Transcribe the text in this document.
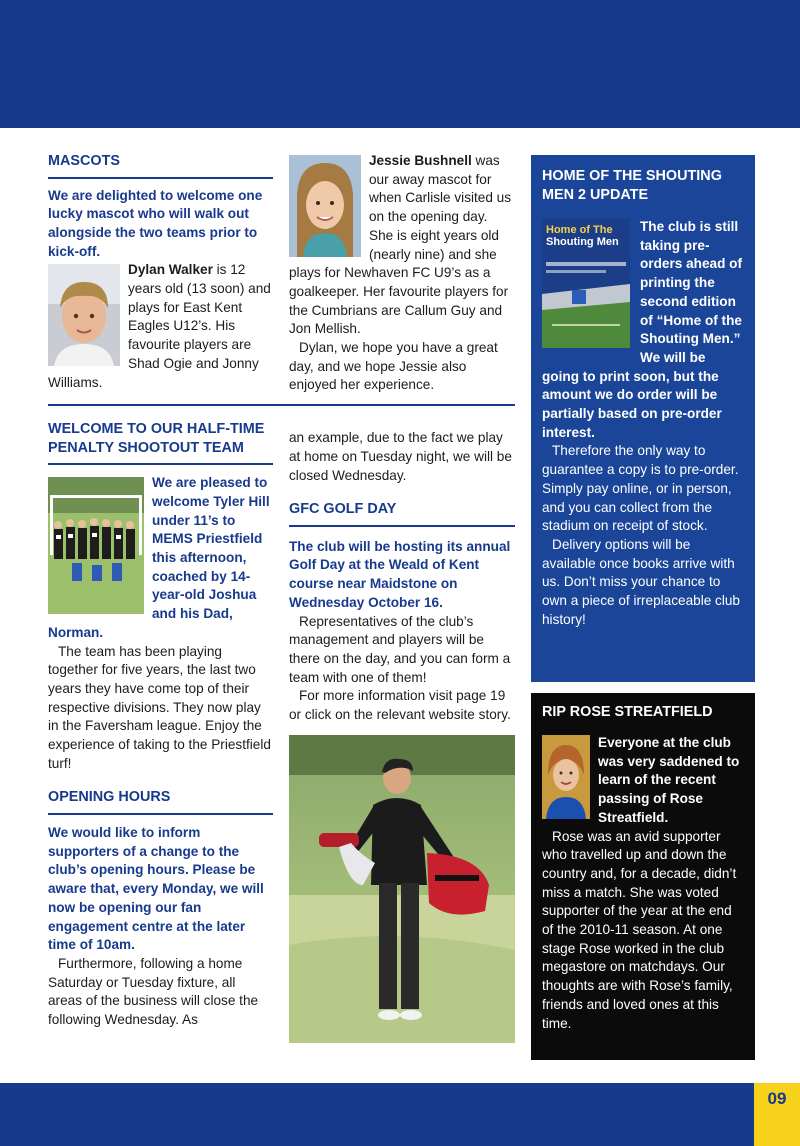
MASCOTS

We are delighted to welcome one lucky mascot who will walk out alongside the two teams prior to kick-off.

Dylan Walker is 12 years old (13 soon) and plays for East Kent Eagles U12’s. His favourite players are Shad Ogie and Jonny Williams.

WELCOME TO OUR HALF-TIME PENALTY SHOOTOUT TEAM

We are pleased to welcome Tyler Hill under 11’s to MEMS Priestfield this afternoon, coached by 14-year-old Joshua and his Dad, Norman.

The team has been playing together for five years, the last two years they have come top of their respective divisions. They now play in the Faversham league. Enjoy the experience of taking to the Priestfield turf!

OPENING HOURS

We would like to inform supporters of a change to the club’s opening hours. Please be aware that, every Monday, we will now be opening our fan engagement centre at the later time of 10am.

Furthermore, following a home Saturday or Tuesday fixture, all areas of the business will close the following Wednesday. As

Jessie Bushnell was our away mascot for when Carlisle visited us on the opening day. She is eight years old (nearly nine) and she plays for Newhaven FC U9’s as a goalkeeper. Her favourite players for the Cumbrians are Callum Guy and Jon Mellish.

Dylan, we hope you have a great day, and we hope Jessie also enjoyed her experience.

an example, due to the fact we play at home on Tuesday night, we will be closed Wednesday.

GFC GOLF DAY

The club will be hosting its annual Golf Day at the Weald of Kent course near Maidstone on Wednesday October 16.

Representatives of the club’s management and players will be there on the day, and you can form a team with one of them!

For more information visit page 19 or click on the relevant website story.

HOME OF THE SHOUTING MEN 2 UPDATE
Home of The
Shouting Men

The club is still taking pre-orders ahead of printing the second edition of “Home of the Shouting Men.” We will be going to print soon, but the amount we do order will be partially based on pre-order interest.

Therefore the only way to guarantee a copy is to pre-order. Simply pay online, or in person, and you can collect from the stadium on receipt of stock.

Delivery options will be available once books arrive with us. Don’t miss your chance to own a piece of irreplaceable club history!

RIP ROSE STREATFIELD

Everyone at the club was very saddened to learn of the recent passing of Rose Streatfield.

Rose was an avid supporter who travelled up and down the country and, for a decade, didn’t miss a match. She was voted supporter of the year at the end of the 2010-11 season. At one stage Rose worked in the club megastore on matchdays. Our thoughts are with Rose’s family, friends and loved ones at this time.

09
